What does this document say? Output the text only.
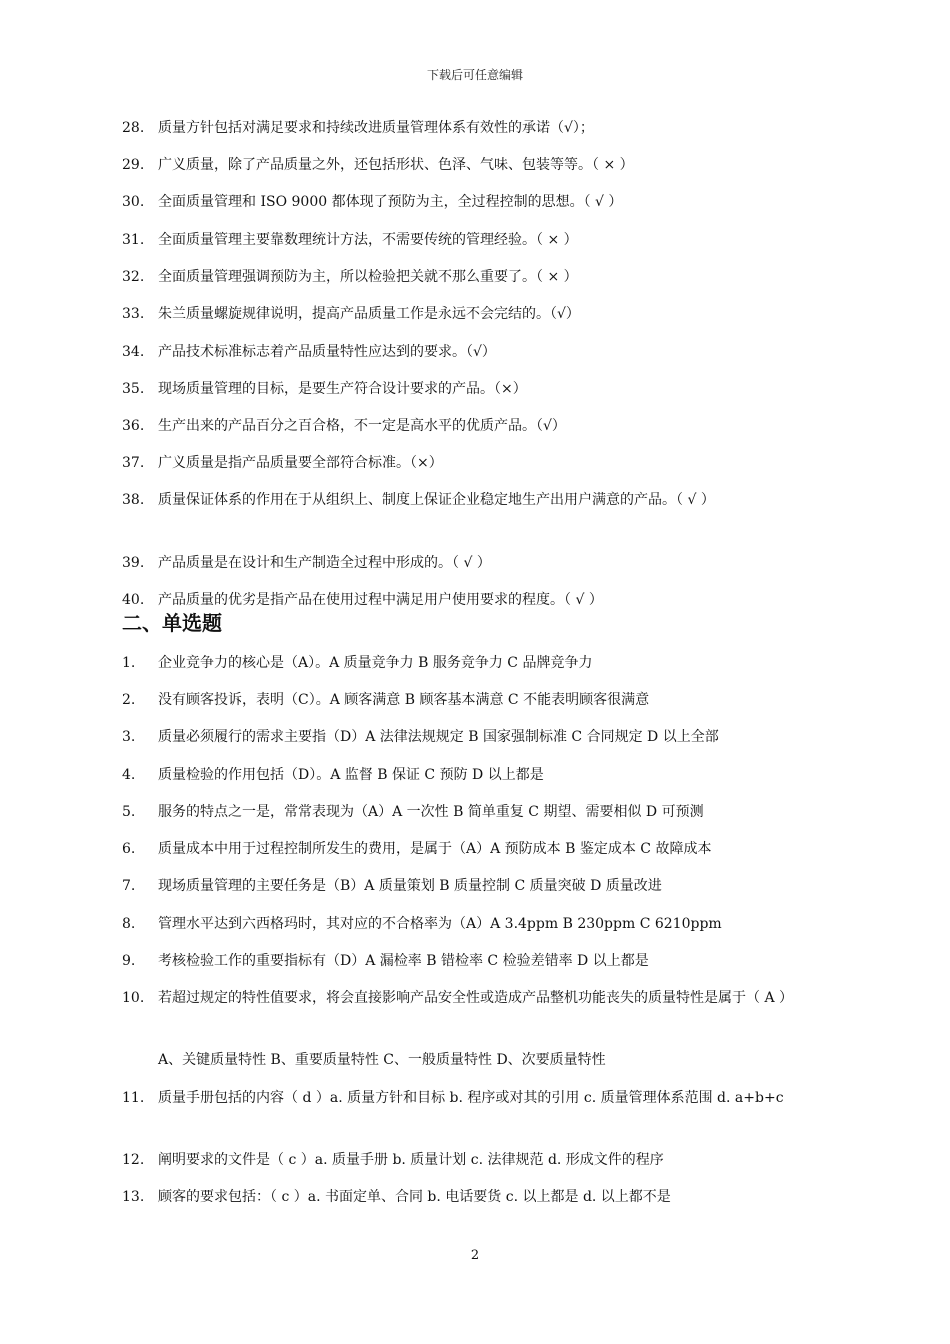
下载后可任意编辑
28. 质量方针包括对满足要求和持续改进质量管理体系有效性的承诺（√）；
29. 广义质量，除了产品质量之外，还包括形状、色泽、气味、包装等等。（ × ）
30. 全面质量管理和 ISO 9000 都体现了预防为主，全过程控制的思想。（ √ ）
31. 全面质量管理主要靠数理统计方法，不需要传统的管理经验。（ × ）
32. 全面质量管理强调预防为主，所以检验把关就不那么重要了。（ × ）
33. 朱兰质量螺旋规律说明，提高产品质量工作是永远不会完结的。（√）
34. 产品技术标准标志着产品质量特性应达到的要求。（√）
35. 现场质量管理的目标，是要生产符合设计要求的产品。（×）
36. 生产出来的产品百分之百合格，不一定是高水平的优质产品。（√）
37. 广义质量是指产品质量要全部符合标准。（×）
38. 质量保证体系的作用在于从组织上、制度上保证企业稳定地生产出用户满意的产品。（ √ ）
39. 产品质量是在设计和生产制造全过程中形成的。（ √ ）
40. 产品质量的优劣是指产品在使用过程中满足用户使用要求的程度。（ √ ）
二、单选题
1.	企业竞争力的核心是（A）。A 质量竞争力 B 服务竞争力 C 品牌竞争力
2.	没有顾客投诉，表明（C）。A 顾客满意 B 顾客基本满意 C 不能表明顾客很满意
3.	质量必须履行的需求主要指（D）A 法律法规规定 B 国家强制标准 C 合同规定 D 以上全部
4.	质量检验的作用包括（D）。A 监督 B 保证 C 预防 D 以上都是
5.	服务的特点之一是，常常表现为（A）A 一次性 B 简单重复 C 期望、需要相似 D 可预测
6.	质量成本中用于过程控制所发生的费用，是属于（A）A 预防成本 B 鉴定成本 C 故障成本
7.	现场质量管理的主要任务是（B）A 质量策划 B 质量控制 C 质量突破 D 质量改进
8.	管理水平达到六西格玛时，其对应的不合格率为（A）A 3.4ppm B 230ppm C 6210ppm
9.	考核检验工作的重要指标有（D）A 漏检率 B 错检率 C 检验差错率 D 以上都是
10. 若超过规定的特性值要求，将会直接影响产品安全性或造成产品整机功能丧失的质量特性是属于（ A ）
A、关键质量特性 B、重要质量特性 C、一般质量特性 D、次要质量特性
11. 质量手册包括的内容（ d ）a. 质量方针和目标 b. 程序或对其的引用 c. 质量管理体系范围 d. a+b+c
12. 阐明要求的文件是（ c ）a. 质量手册 b. 质量计划 c. 法律规范 d. 形成文件的程序
13. 顾客的要求包括：（ c ）a. 书面定单、合同 b. 电话要货 c. 以上都是 d. 以上都不是
2
